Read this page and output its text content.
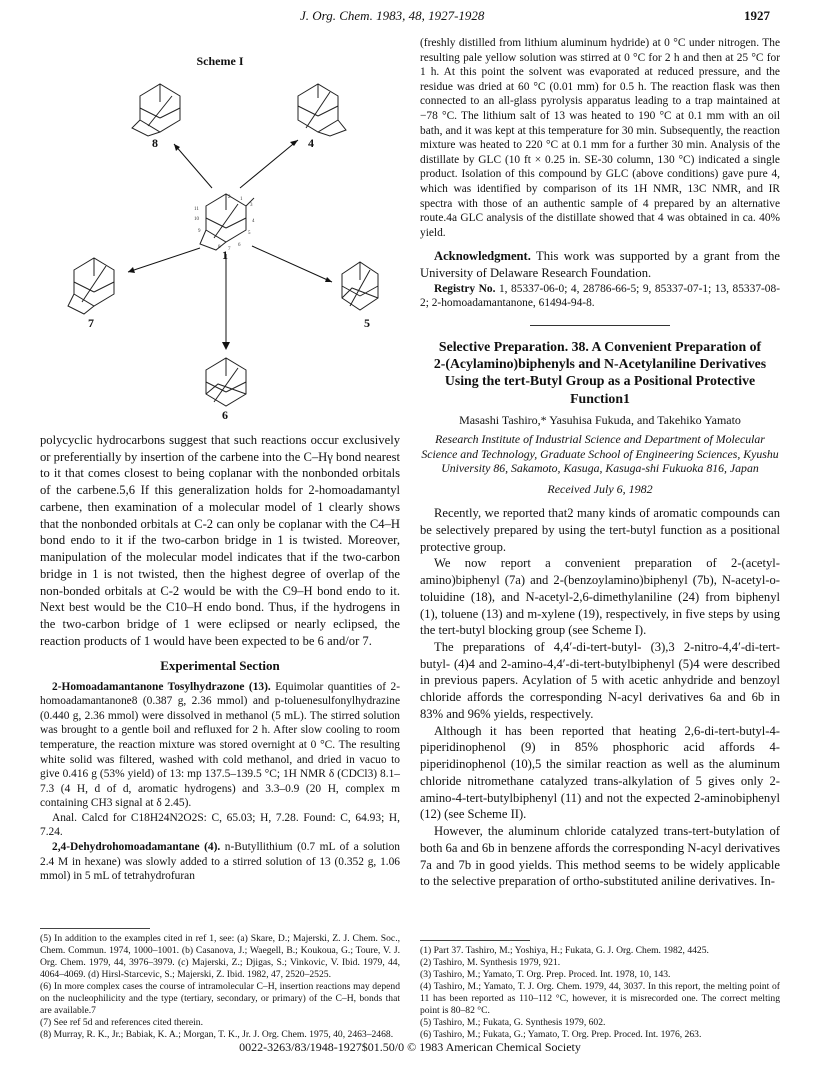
J. Org. Chem. 1983, 48, 1927-1928	1927
Scheme I
11
10
9
3
4
5
6
7
8
2 1
8	4
1
7	5
6

polycyclic hydrocarbons suggest that such reactions occur exclusively or preferentially by insertion of the carbene into the C–Hγ bond nearest to it that comes closest to being coplanar with the nonbonded orbitals of the carbene.5,6 If this generalization holds for 2-homoadamantyl carbene, then examination of a molecular model of 1 clearly shows that the nonbonded orbitals at C-2 can only be coplanar with the C4–H bond endo to it if the two-carbon bridge in 1 is twisted. Moreover, manipulation of the molecular model indicates that if the two-carbon bridge in 1 is not twisted, then the highest degree of overlap of the non-bonded orbitals at C-2 would be with the C9–H bond endo to it. Next best would be the C10–H endo bond. Thus, if the hydrogens in the two-carbon bridge of 1 were eclipsed or nearly eclipsed, the reaction products of 1 would have been expected to be 6 and/or 7.

Experimental Section

2-Homoadamantanone Tosylhydrazone (13). Equimolar quantities of 2-homoadamantanone8 (0.387 g, 2.36 mmol) and p-toluenesulfonylhydrazine (0.440 g, 2.36 mmol) were dissolved in methanol (5 mL). The stirred solution was brought to a gentle boil and refluxed for 2 h. After slow cooling to room temperature, the reaction mixture was stored overnight at 0 °C. The resulting white solid was filtered, washed with cold methanol, and dried in vacuo to give 0.416 g (53% yield) of 13: mp 137.5–139.5 °C; 1H NMR δ (CDCl3) 8.1–7.3 (4 H, d of d, aromatic hydrogens) and 3.3–0.9 (20 H, complex m containing CH3 signal at δ 2.45).

Anal. Calcd for C18H24N2O2S: C, 65.03; H, 7.28. Found: C, 64.93; H, 7.24.

2,4-Dehydrohomoadamantane (4). n-Butyllithium (0.7 mL of a solution 2.4 M in hexane) was slowly added to a stirred solution of 13 (0.352 g, 1.06 mmol) in 5 mL of tetrahydrofuran

(5) In addition to the examples cited in ref 1, see: (a) Skare, D.; Majerski, Z. J. Chem. Soc., Chem. Commun. 1974, 1000–1001. (b) Casanova, J.; Waegell, B.; Koukoua, G.; Toure, V. J. Org. Chem. 1979, 44, 3976–3979. (c) Majerski, Z.; Djigas, S.; Vinkovic, V. Ibid. 1979, 44, 4064–4069. (d) Hirsl-Starcevic, S.; Majerski, Z. Ibid. 1982, 47, 2520–2525.

(6) In more complex cases the course of intramolecular C–H, insertion reactions may depend on the nucleophilicity and the type (tertiary, secondary, or primary) of the C–H, bonds that are available.7

(7) See ref 5d and references cited therein.

(8) Murray, R. K., Jr.; Babiak, K. A.; Morgan, T. K., Jr. J. Org. Chem. 1975, 40, 2463–2468.

(freshly distilled from lithium aluminum hydride) at 0 °C under nitrogen. The resulting pale yellow solution was stirred at 0 °C for 2 h and then at 25 °C for 1 h. At this point the solvent was evaporated at reduced pressure, and the residue was dried at 60 °C (0.01 mm) for 0.5 h. The reaction flask was then connected to an all-glass pyrolysis apparatus leading to a trap maintained at −78 °C. The lithium salt of 13 was heated to 190 °C at 0.1 mm with an oil bath, and it was kept at this temperature for 30 min. Subsequently, the reaction mixture was heated to 220 °C at 0.1 mm for a further 30 min. Analysis of the distillate by GLC (10 ft × 0.25 in. SE-30 column, 130 °C) indicated a single product. Isolation of this compound by GLC (above conditions) gave pure 4, which was identified by comparison of its 1H NMR, 13C NMR, and IR spectra with those of an authentic sample of 4 prepared by an alternative route.4a GLC analysis of the distillate showed that 4 was obtained in ca. 40% yield.

Acknowledgment. This work was supported by a grant from the University of Delaware Research Foundation.

Registry No. 1, 85337-06-0; 4, 28786-66-5; 9, 85337-07-1; 13, 85337-08-2; 2-homoadamantanone, 61494-94-8.

Selective Preparation. 38. A Convenient Preparation of 2-(Acylamino)biphenyls and N-Acetylaniline Derivatives Using the tert-Butyl Group as a Positional Protective Function1
Masashi Tashiro,* Yasuhisa Fukuda, and Takehiko Yamato
Research Institute of Industrial Science and Department of Molecular Science and Technology, Graduate School of Engineering Sciences, Kyushu University 86, Sakamoto, Kasuga, Kasuga-shi Fukuoka 816, Japan
Received July 6, 1982

Recently, we reported that2 many kinds of aromatic compounds can be selectively prepared by using the tert-butyl function as a positional protective group.

We now report a convenient preparation of 2-(acetyl-amino)biphenyl (7a) and 2-(benzoylamino)biphenyl (7b), N-acetyl-o-toluidine (18), and N-acetyl-2,6-dimethylaniline (24) from biphenyl (1), toluene (13) and m-xylene (19), respectively, in five steps by using the tert-butyl blocking group (see Scheme I).

The preparations of 4,4′-di-tert-butyl- (3),3 2-nitro-4,4′-di-tert-butyl- (4)4 and 2-amino-4,4′-di-tert-butylbiphenyl (5)4 were described in previous papers. Acylation of 5 with acetic anhydride and benzoyl chloride affords the corresponding N-acyl derivatives 6a and 6b in 83% and 96% yields, respectively.

Although it has been reported that heating 2,6-di-tert-butyl-4-piperidinophenol (9) in 85% phosphoric acid affords 4-piperidinophenol (10),5 the similar reaction as well as the aluminum chloride nitromethane catalyzed trans-alkylation of 5 gives only 2-amino-4-tert-butylbiphenyl (11) and not the expected 2-aminobiphenyl (12) (see Scheme II).

However, the aluminum chloride catalyzed trans-tert-butylation of both 6a and 6b in benzene affords the corresponding N-acyl derivatives 7a and 7b in good yields. This method seems to be widely applicable to the selective preparation of ortho-substituted aniline derivatives. In-

(1) Part 37. Tashiro, M.; Yoshiya, H.; Fukata, G. J. Org. Chem. 1982, 4425.

(2) Tashiro, M. Synthesis 1979, 921.

(3) Tashiro, M.; Yamato, T. Org. Prep. Proced. Int. 1978, 10, 143.

(4) Tashiro, M.; Yamato, T. J. Org. Chem. 1979, 44, 3037. In this report, the melting point of 11 has been reported as 110–112 °C, however, it is misrecorded one. The correct melting point is 80–82 °C.

(5) Tashiro, M.; Fukata, G. Synthesis 1979, 602.

(6) Tashiro, M.; Fukata, G.; Yamato, T. Org. Prep. Proced. Int. 1976, 263.

0022-3263/83/1948-1927$01.50/0 © 1983 American Chemical Society
